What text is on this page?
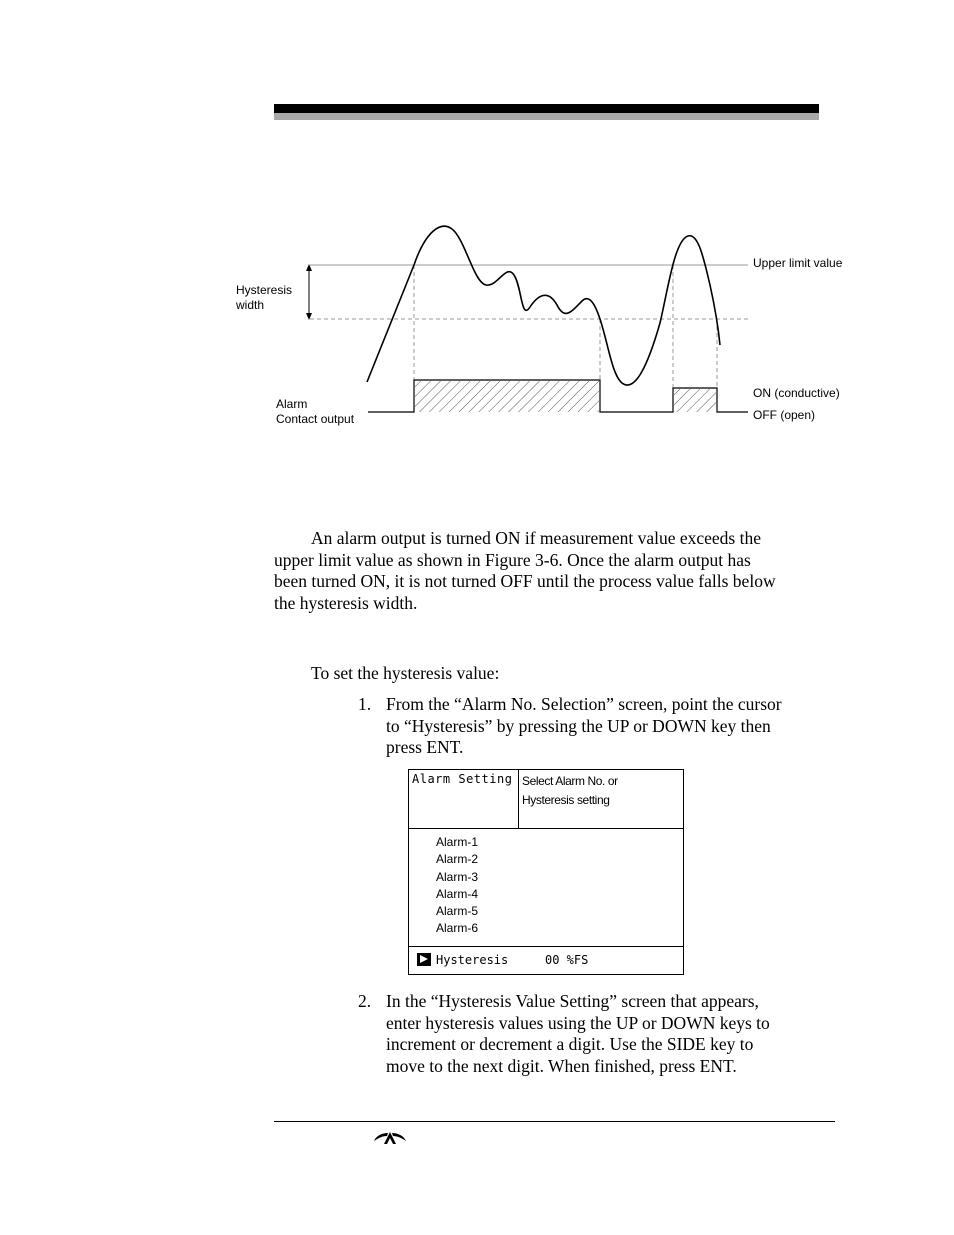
Hysteresis
width
Upper limit value
Alarm
Contact output
ON (conductive)
OFF (open)
An alarm output is turned ON if measurement value exceeds the
upper limit value as shown in Figure 3-6. Once the alarm output has
been turned ON, it is not turned OFF until the process value falls below
the hysteresis width.
To set the hysteresis value:
1. From the “Alarm No. Selection” screen, point the cursor
to “Hysteresis” by pressing the UP or DOWN key then
press ENT.
Alarm Setting Select Alarm No. or
Hysteresis setting
Alarm-1
Alarm-2
Alarm-3
Alarm-4
Alarm-5
Alarm-6
Hysteresis	00 %FS
2. In the “Hysteresis Value Setting” screen that appears,
enter hysteresis values using the UP or DOWN keys to
increment or decrement a digit. Use the SIDE key to
move to the next digit. When finished, press ENT.
